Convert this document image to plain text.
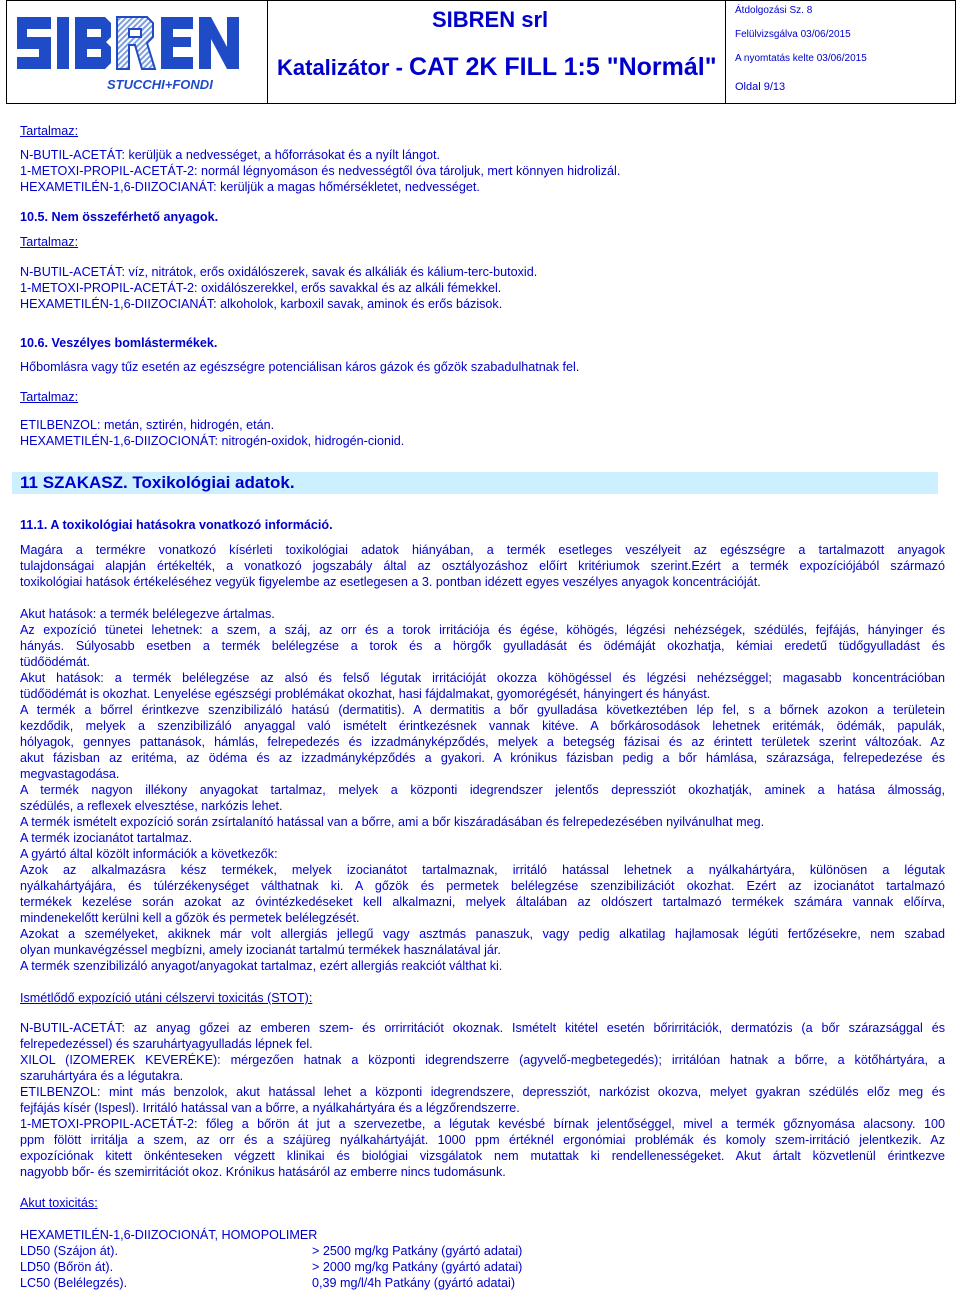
STUCCHI+FONDI
SIBREN srl
Katalizátor - CAT 2K FILL 1:5 "Normál"
Átdolgozási Sz. 8
Felülvizsgálva 03/06/2015
A nyomtatás kelte 03/06/2015
Oldal 9/13
Tartalmaz:
N-BUTIL-ACETÁT: kerüljük a nedvességet, a hőforrásokat és a nyílt lángot.
1-METOXI-PROPIL-ACETÁT-2: normál légnyomáson és nedvességtől óva tároljuk, mert könnyen hidrolizál.
HEXAMETILÉN-1,6-DIIZOCIANÁT: kerüljük a magas hőmérsékletet, nedvességet.
10.5. Nem összeférhető anyagok.
Tartalmaz:
N-BUTIL-ACETÁT: víz, nitrátok, erős oxidálószerek, savak és alkáliák és kálium-terc-butoxid.
1-METOXI-PROPIL-ACETÁT-2: oxidálószerekkel, erős savakkal és az alkáli fémekkel.
HEXAMETILÉN-1,6-DIIZOCIANÁT: alkoholok, karboxil savak, aminok és erős bázisok.
10.6. Veszélyes bomlástermékek.
Hőbomlásra vagy tűz esetén az egészségre potenciálisan káros gázok és gőzök szabadulhatnak fel.
Tartalmaz:
ETILBENZOL: metán, sztirén, hidrogén, etán.
HEXAMETILÉN-1,6-DIIZOCIONÁT: nitrogén-oxidok, hidrogén-cionid.
11.1. A toxikológiai hatásokra vonatkozó információ.
Magára a termékre vonatkozó kísérleti toxikológiai adatok hiányában, a termék esetleges veszélyeit az egészségre a tartalmazott anyagok
tulajdonságai alapján értékelték, a vonatkozó jogszabály által az osztályozáshoz előírt kritériumok szerint.Ezért a termék expozíciójából származó
toxikológiai hatások értékeléséhez vegyük figyelembe az esetlegesen a 3. pontban idézett egyes veszélyes anyagok koncentrációját.
Akut hatások: a termék belélegezve ártalmas.
Az expozíció tünetei lehetnek: a szem, a száj, az orr és a torok irritációja és égése, köhögés, légzési nehézségek, szédülés, fejfájás, hányinger és
hányás. Súlyosabb esetben a termék belélegzése a torok és a hörgők gyulladását és ödémáját okozhatja, kémiai eredetű tüdőgyulladást és
tüdőödémát.
Akut hatások: a termék belélegzése az alsó és felső légutak irritációját okozza köhögéssel és légzési nehézséggel; magasabb koncentrációban
tüdőödémát is okozhat. Lenyelése egészségi problémákat okozhat, hasi fájdalmakat, gyomorégését, hányingert és hányást.
A termék a bőrrel érintkezve szenzibilizáló hatású (dermatitis). A dermatitis a bőr gyulladása következtében lép fel, s a bőrnek azokon a területein
kezdődik, melyek a szenzibilizáló anyaggal való ismételt érintkezésnek vannak kitéve. A bőrkárosodások lehetnek eritémák, ödémák, papulák,
hólyagok, gennyes pattanások, hámlás, felrepedezés és izzadmányképződés, melyek a betegség fázisai és az érintett területek szerint változóak. Az
akut fázisban az eritéma, az ödéma és az izzadmányképződés a gyakori. A krónikus fázisban pedig a bőr hámlása, szárazsága, felrepedezése és
megvastagodása.
A termék nagyon illékony anyagokat tartalmaz, melyek a központi idegrendszer jelentős depressziót okozhatják, aminek a hatása álmosság,
szédülés, a reflexek elvesztése, narkózis lehet.
A termék ismételt expozíció során zsírtalanító hatással van a bőrre, ami a bőr kiszáradásában és felrepedezésében nyilvánulhat meg.
A termék izocianátot tartalmaz.
A gyártó által közölt információk a következők:
Azok az alkalmazásra kész termékek, melyek izocianátot tartalmaznak, irritáló hatással lehetnek a nyálkahártyára, különösen a légutak
nyálkahártyájára, és túlérzékenységet válthatnak ki. A gőzök és permetek belélegzése szenzibilizációt okozhat. Ezért az izocianátot tartalmazó
termékek kezelése során azokat az óvintézkedéseket kell alkalmazni, melyek általában az oldószert tartalmazó termékek számára vannak előírva,
mindenekelőtt kerülni kell a gőzök és permetek belélegzését.
Azokat a személyeket, akiknek már volt allergiás jellegű vagy asztmás panaszuk, vagy pedig alkatilag hajlamosak légúti fertőzésekre, nem szabad
olyan munkavégzéssel megbízni, amely izocianát tartalmú termékek használatával jár.
A termék szenzibilizáló anyagot/anyagokat tartalmaz, ezért allergiás reakciót válthat ki.
Ismétlődő expozíció utáni célszervi toxicitás (STOT):
N-BUTIL-ACETÁT: az anyag gőzei az emberen szem- és orrirritációt okoznak. Ismételt kitétel esetén bőrirritációk, dermatózis (a bőr szárazsággal és
felrepedezéssel) és szaruhártyagyulladás lépnek fel.
XILOL (IZOMEREK KEVERÉKE): mérgezően hatnak a központi idegrendszerre (agyvelő-megbetegedés); irritálóan hatnak a bőrre, a kötőhártyára, a
szaruhártyára és a légutakra.
ETILBENZOL: mint más benzolok, akut hatással lehet a központi idegrendszere, depressziót, narkózist okozva, melyet gyakran szédülés előz meg és
fejfájás kísér (Ispesl). Irritáló hatással van a bőrre, a nyálkahártyára és a légzőrendszerre.
1-METOXI-PROPIL-ACETÁT-2: főleg a bőrön át jut a szervezetbe, a légutak kevésbé bírnak jelentőséggel, mivel a termék gőznyomása alacsony. 100
ppm fölött irritálja a szem, az orr és a szájüreg nyálkahártyáját. 1000 ppm értéknél ergonómiai problémák és komoly szem-irritáció jelentkezik. Az
expozíciónak kitett önkénteseken végzett klinikai és biológiai vizsgálatok nem mutattak ki rendellenességeket. Akut ártalt közvetlenül érintkezve
nagyobb bőr- és szemirritációt okoz. Krónikus hatásáról az emberre nincs tudomásunk.
Akut toxicitás:
HEXAMETILÉN-1,6-DIIZOCIONÁT, HOMOPOLIMER
LD50 (Szájon át).	> 2500 mg/kg Patkány (gyártó adatai)
LD50 (Bőrön át).	> 2000 mg/kg Patkány (gyártó adatai)
LC50 (Belélegzés).	0,39 mg/l/4h Patkány (gyártó adatai)
11 SZAKASZ. Toxikológiai adatok.
